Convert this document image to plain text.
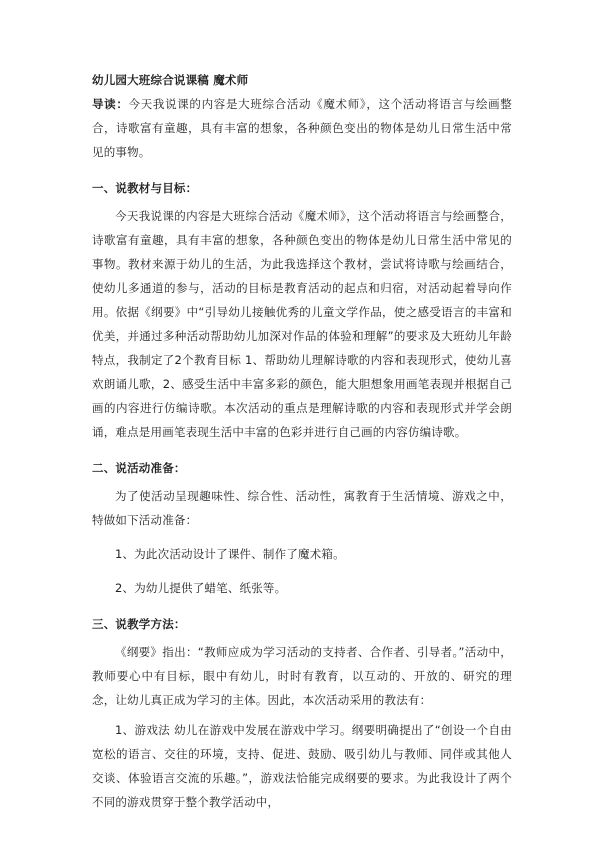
幼儿园大班综合说课稿 魔术师
导读：今天我说课的内容是大班综合活动《魔术师》，这个活动将语言与绘画整合，诗歌富有童趣，具有丰富的想象，各种颜色变出的物体是幼儿日常生活中常见的事物。
一、说教材与目标：
今天我说课的内容是大班综合活动《魔术师》，这个活动将语言与绘画整合，诗歌富有童趣，具有丰富的想象，各种颜色变出的物体是幼儿日常生活中常见的事物。教材来源于幼儿的生活，为此我选择这个教材，尝试将诗歌与绘画结合，使幼儿多通道的参与，活动的目标是教育活动的起点和归宿，对活动起着导向作用。依据《纲要》中“引导幼儿接触优秀的儿童文学作品，使之感受语言的丰富和优美，并通过多种活动帮助幼儿加深对作品的体验和理解”的要求及大班幼儿年龄特点，我制定了2个教育目标 1、帮助幼儿理解诗歌的内容和表现形式，使幼儿喜欢朗诵儿歌，2、感受生活中丰富多彩的颜色，能大胆想象用画笔表现并根据自己画的内容进行仿编诗歌。本次活动的重点是理解诗歌的内容和表现形式并学会朗诵，难点是用画笔表现生活中丰富的色彩并进行自己画的内容仿编诗歌。
二、说活动准备：
为了使活动呈现趣味性、综合性、活动性，寓教育于生活情境、游戏之中，特做如下活动准备：
1、为此次活动设计了课件、制作了魔术箱。
2、为幼儿提供了蜡笔、纸张等。
三、说教学方法：
《纲要》指出：“教师应成为学习活动的支持者、合作者、引导者。”活动中，教师要心中有目标，眼中有幼儿，时时有教育，以互动的、开放的、研究的理念，让幼儿真正成为学习的主体。因此，本次活动采用的教法有：
1、游戏法 幼儿在游戏中发展在游戏中学习。纲要明确提出了“创设一个自由宽松的语言、交往的环境，支持、促进、鼓励、吸引幼儿与教师、同伴或其他人交谈、体验语言交流的乐趣。”，游戏法恰能完成纲要的要求。为此我设计了两个不同的游戏贯穿于整个教学活动中，
